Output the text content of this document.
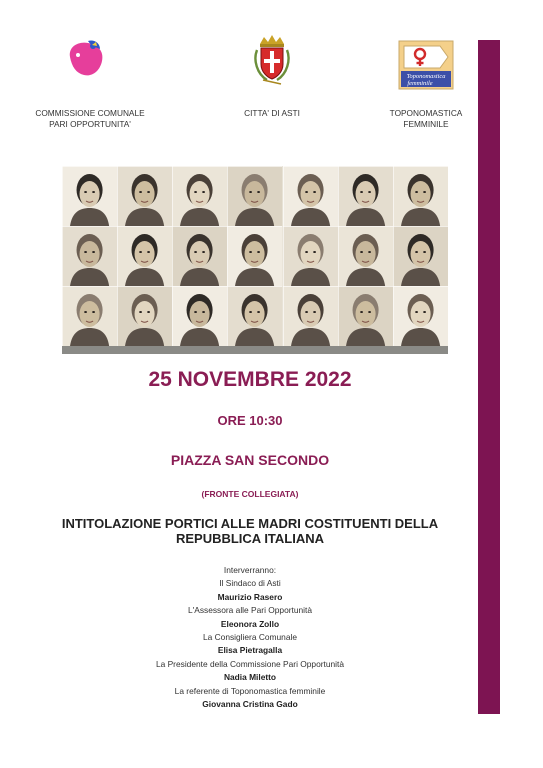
COMMISSIONE COMUNALE
PARI OPPORTUNITA'
CITTA' DI ASTI
Toponomastica
femminile
TOPONOMASTICA
FEMMINILE
25 NOVEMBRE 2022
ORE 10:30
PIAZZA SAN SECONDO
(FRONTE COLLEGIATA)
INTITOLAZIONE PORTICI ALLE MADRI COSTITUENTI DELLA
REPUBBLICA ITALIANA
Interverranno:
Il Sindaco di Asti
Maurizio Rasero
L'Assessora alle Pari Opportunità
Eleonora Zollo
La Consigliera Comunale
Elisa Pietragalla
La Presidente della Commissione Pari Opportunità
Nadia Miletto
La referente di Toponomastica femminile
Giovanna Cristina Gado
